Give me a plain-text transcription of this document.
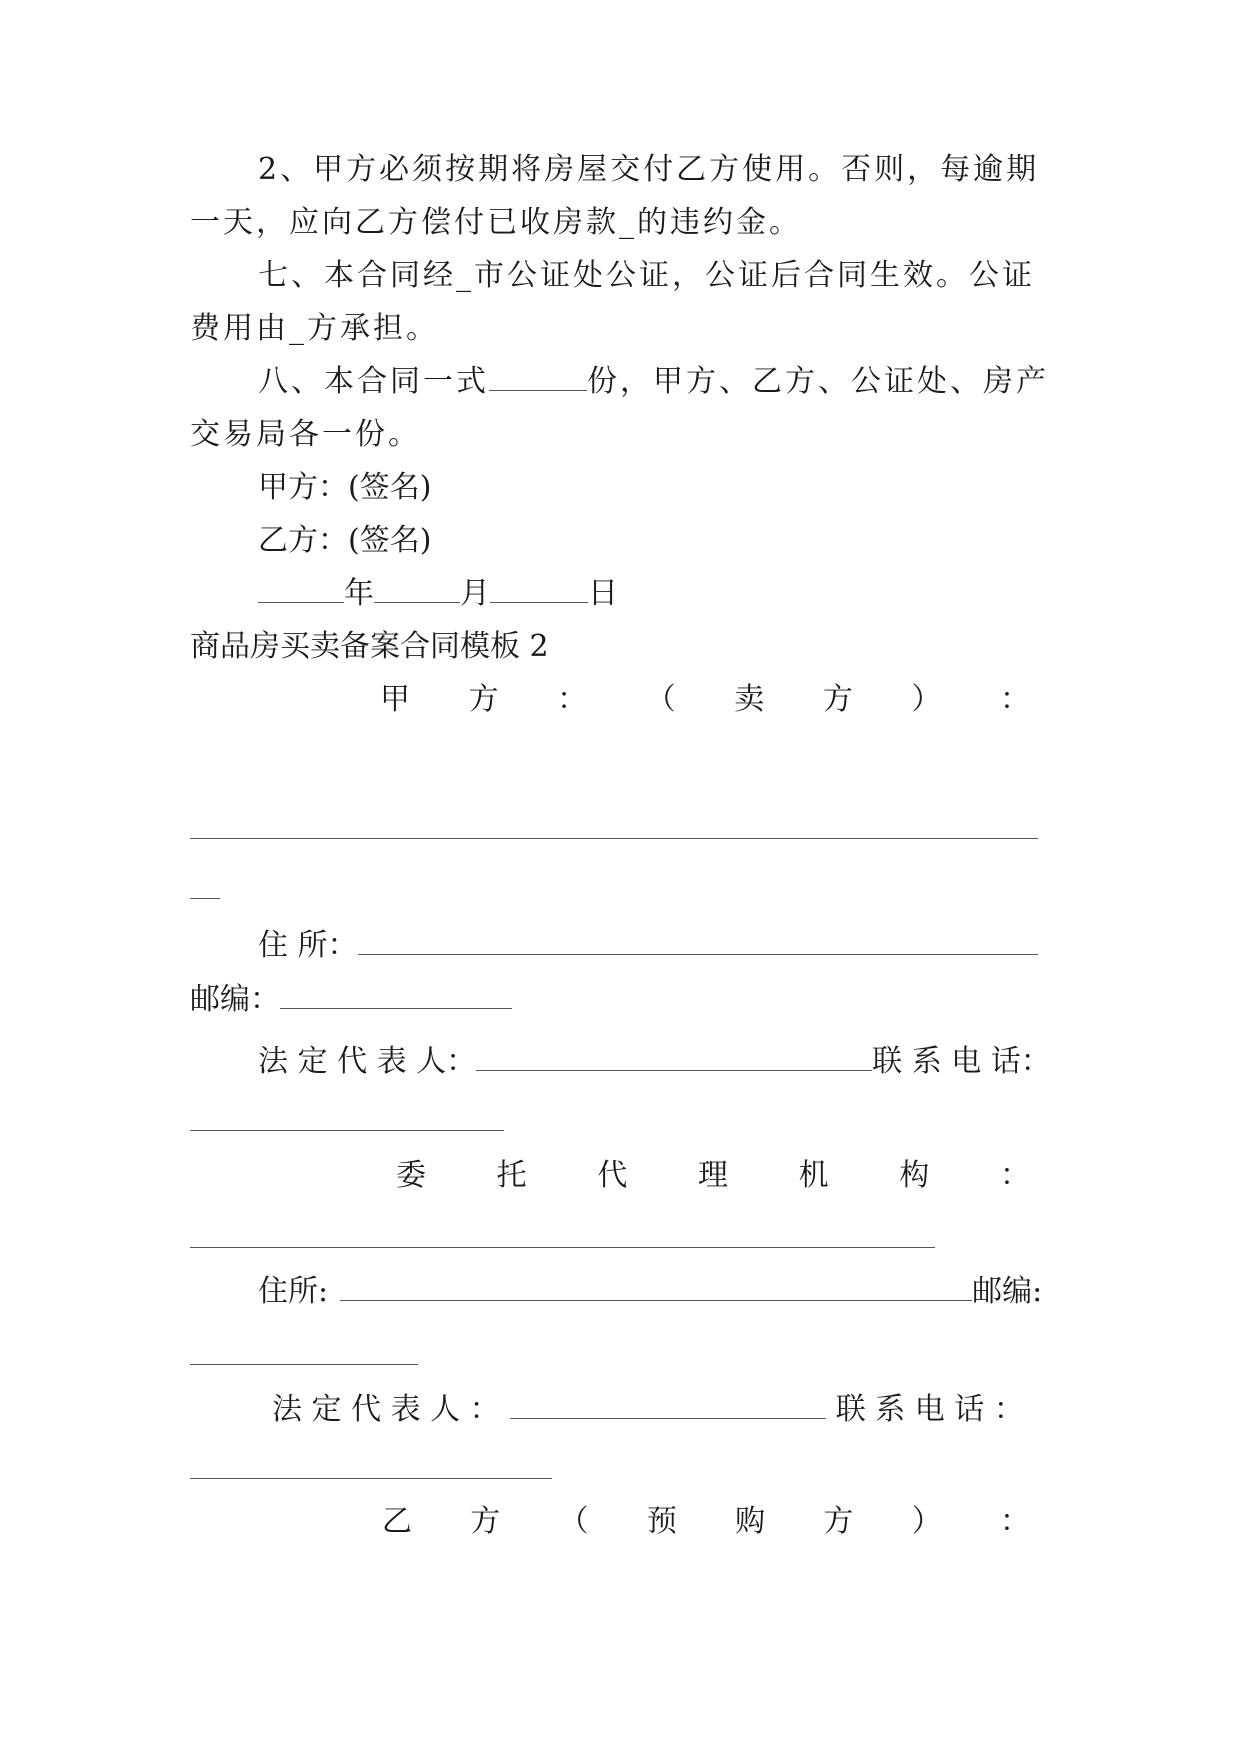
2、甲方必须按期将房屋交付乙方使用。否则，每逾期
一天，应向乙方偿付已收房款_的违约金。
七、本合同经_市公证处公证，公证后合同生效。公证
费用由_方承担。
八、本合同一式	份，甲方、乙方、公证处、房产
交易局各一份。
甲方：(签名)
乙方：(签名)
年	月	日
商品房买卖备案合同模板 2
甲 方 ： （ 卖 方 ） ：
住 所：
邮编：
法 定 代 表 人：	联 系 电 话：
委 托 代 理 机 构 ：
住所:	邮编:
法 定 代 表 人 ：	联 系 电 话 ：
乙 方 （ 预 购 方 ） ：
